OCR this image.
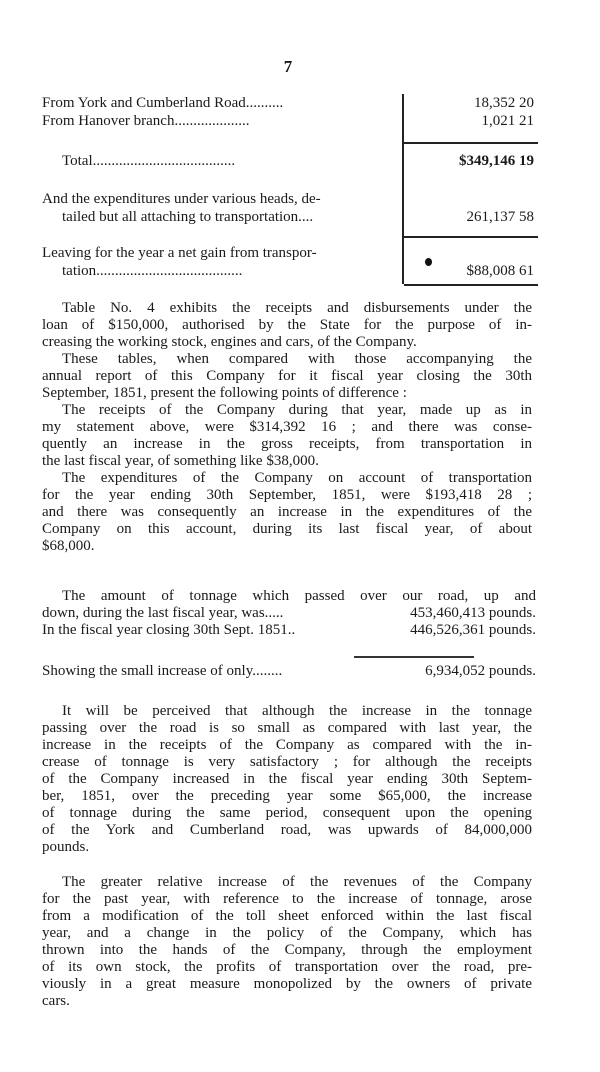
7
From York and Cumberland Road..........	18,352 20
From Hanover branch....................	1,021 21
Total......................................	$349,146 19
And the expenditures under various heads, de-
tailed but all attaching to transportation....	261,137 58
Leaving for the year a net gain from transpor-
tation.......................................	$88,008 61
Table No. 4 exhibits the receipts and disbursements under the
loan of $150,000, authorised by the State for the purpose of in-
creasing the working stock, engines and cars, of the Company.
These tables, when compared with those accompanying the
annual report of this Company for it fiscal year closing the 30th
September, 1851, present the following points of difference :
The receipts of the Company during that year, made up as in
my statement above, were $314,392 16 ; and there was conse-
quently an increase in the gross receipts, from transportation in
the last fiscal year, of something like $38,000.
The expenditures of the Company on account of transportation
for the year ending 30th September, 1851, were $193,418 28 ;
and there was consequently an increase in the expenditures of the
Company on this account, during its last fiscal year, of about
$68,000.
The amount of tonnage which passed over our road, up and
down, during the last fiscal year, was.....	453,460,413 pounds.
In the fiscal year closing 30th Sept. 1851..	446,526,361 pounds.
Showing the small increase of only........	6,934,052 pounds.
It will be perceived that although the increase in the tonnage
passing over the road is so small as compared with last year, the
increase in the receipts of the Company as compared with the in-
crease of tonnage is very satisfactory ; for although the receipts
of the Company increased in the fiscal year ending 30th Septem-
ber, 1851, over the preceding year some $65,000, the increase
of tonnage during the same period, consequent upon the opening
of the York and Cumberland road, was upwards of 84,000,000
pounds.
The greater relative increase of the revenues of the Company
for the past year, with reference to the increase of tonnage, arose
from a modification of the toll sheet enforced within the last fiscal
year, and a change in the policy of the Company, which has
thrown into the hands of the Company, through the employment
of its own stock, the profits of transportation over the road, pre-
viously in a great measure monopolized by the owners of private
cars.
